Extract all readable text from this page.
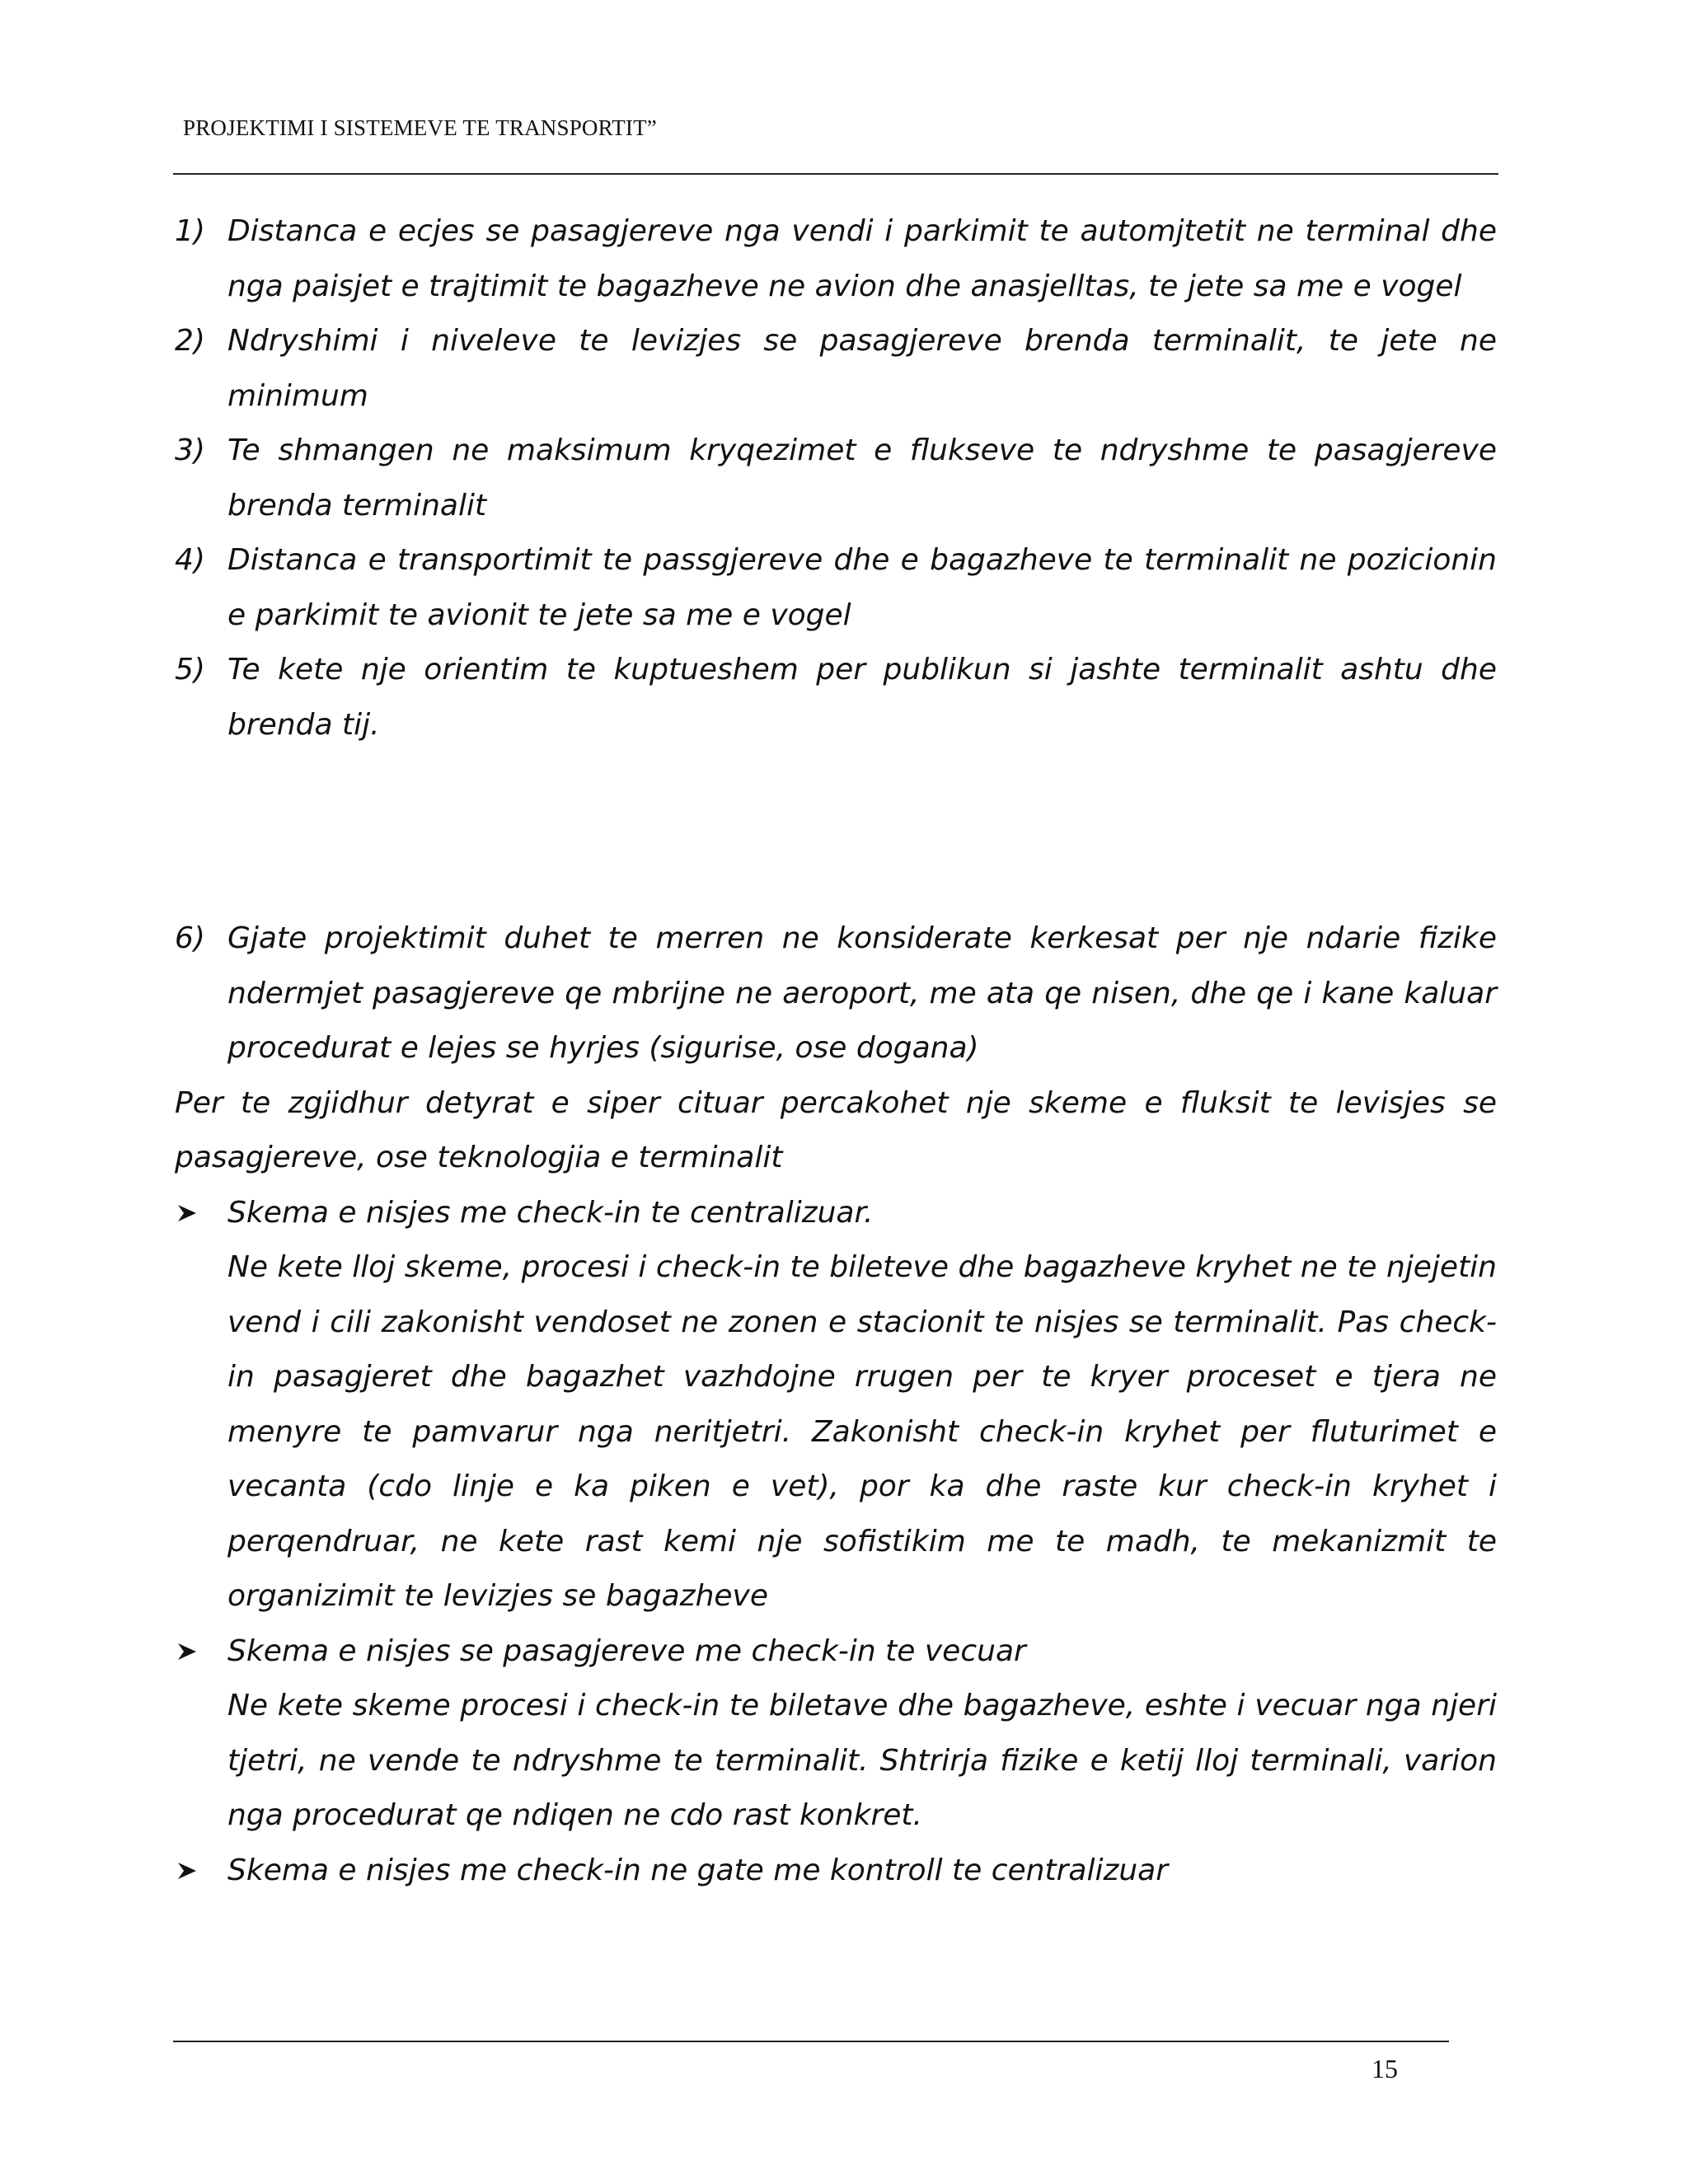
PROJEKTIMI I SISTEMEVE TE TRANSPORTIT”

1) Distanca e ecjes se pasagjereve nga vendi i parkimit te automjtetit ne terminal dhe nga paisjet e trajtimit te bagazheve ne avion dhe anasjelltas, te jete sa me e vogel

2) Ndryshimi i niveleve te levizjes se pasagjereve brenda terminalit, te jete ne minimum

3) Te shmangen ne maksimum kryqezimet e flukseve te ndryshme te pasagjereve brenda terminalit

4) Distanca e transportimit te passgjereve dhe e bagazheve te terminalit ne pozicionin e parkimit te avionit te jete sa me e vogel

5) Te kete nje orientim te kuptueshem per publikun si jashte terminalit ashtu dhe brenda tij.

6) Gjate projektimit duhet te merren ne konsiderate kerkesat per nje ndarie fizike ndermjet pasagjereve qe mbrijne ne aeroport, me ata qe nisen, dhe qe i kane kaluar procedurat e lejes se hyrjes (sigurise, ose dogana)

Per te zgjidhur detyrat e siper cituar percakohet nje skeme e fluksit te levisjes se pasagjereve, ose teknologjia e terminalit

Skema e nisjes me check-in te centralizuar.

Ne kete lloj skeme, procesi i check-in te bileteve dhe bagazheve kryhet ne te njejetin vend i cili zakonisht vendoset ne zonen e stacionit te nisjes se terminalit. Pas check-in pasagjeret dhe bagazhet vazhdojne rrugen per te kryer proceset e tjera ne menyre te pamvarur nga neritjetri. Zakonisht check-in kryhet per fluturimet e vecanta (cdo linje e ka piken e vet), por ka dhe raste kur check-in kryhet i perqendruar, ne kete rast kemi nje sofistikim me te madh, te mekanizmit te organizimit te levizjes se bagazheve

Skema e nisjes se pasagjereve me check-in te vecuar

Ne kete skeme procesi i check-in te biletave dhe bagazheve, eshte i vecuar nga njeri tjetri, ne vende te ndryshme te terminalit. Shtrirja fizike e ketij lloj terminali, varion nga procedurat qe ndiqen ne cdo rast konkret.

Skema e nisjes me check-in ne gate me kontroll te centralizuar

15
